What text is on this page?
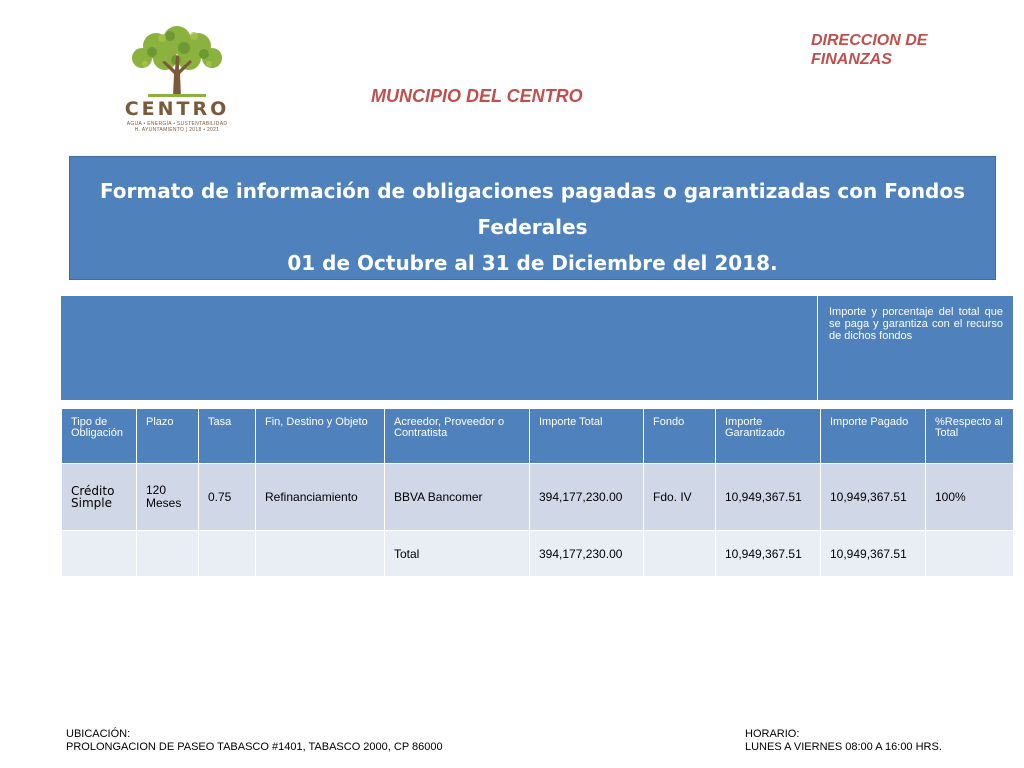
CENTRO
AGUA • ENERGÍA • SUSTENTABILIDAD
H. AYUNTAMIENTO | 2018 • 2021
DIRECCION DE
FINANZAS
MUNCIPIO DEL CENTRO
Formato de información de obligaciones pagadas o garantizadas con Fondos
Federales
01 de Octubre al 31 de Diciembre del 2018.
Importe y porcentaje del total que se paga y garantiza con el recurso de dichos fondos
Tipo de Obligación	Plazo	Tasa	Fin, Destino y Objeto	Acreedor, Proveedor o Contratista	Importe Total	Fondo	Importe Garantizado	Importe Pagado	%Respecto al Total
Crédito Simple	120 Meses	0.75	Refinanciamiento	BBVA Bancomer	394,177,230.00	Fdo. IV	10,949,367.51	10,949,367.51	100%
				Total	394,177,230.00		10,949,367.51	10,949,367.51	
UBICACIÓN:
PROLONGACION DE PASEO TABASCO #1401, TABASCO 2000, CP 86000
HORARIO:
LUNES A VIERNES 08:00 A 16:00 HRS.
